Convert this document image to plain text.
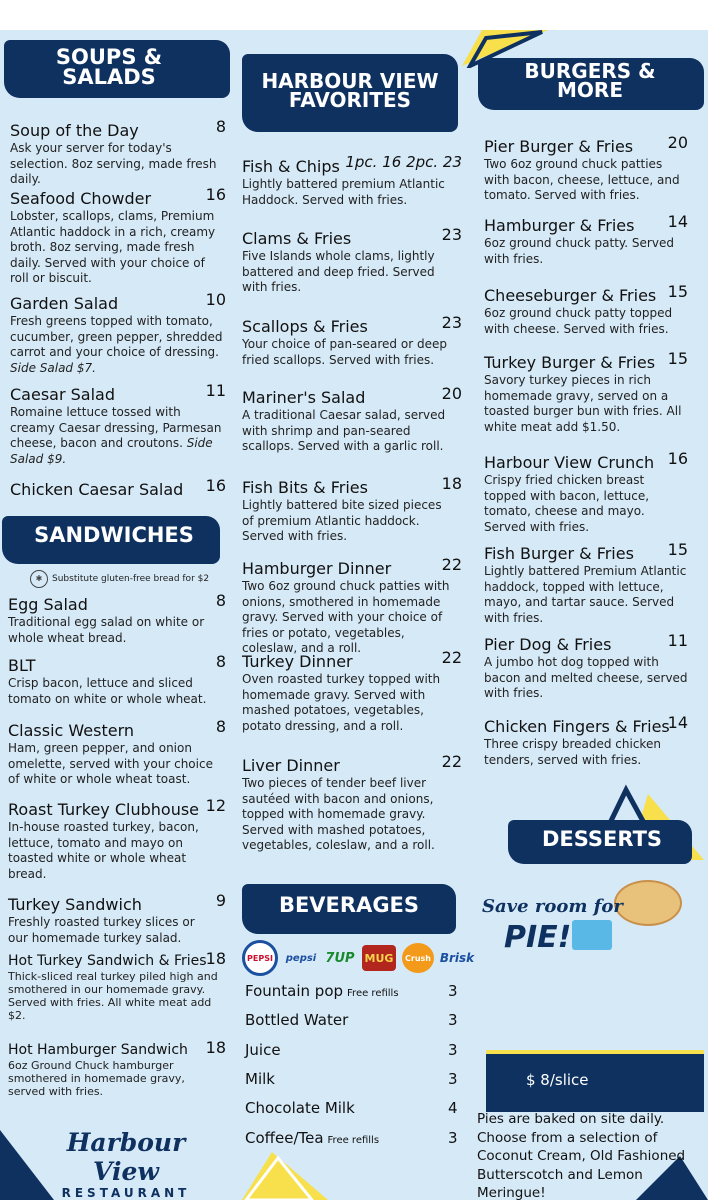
SOUPS & SALADS
Soup of the Day	8
Ask your server for today's selection. 8oz serving, made fresh daily.
Seafood Chowder	16
Lobster, scallops, clams, Premium Atlantic haddock in a rich, creamy broth. 8oz serving, made fresh daily. Served with your choice of roll or biscuit.
Garden Salad	10
Fresh greens topped with tomato, cucumber, green pepper, shredded carrot and your choice of dressing. Side Salad $7.
Caesar Salad	11
Romaine lettuce tossed with creamy Caesar dressing, Parmesan cheese, bacon and croutons. Side Salad $9.
Chicken Caesar Salad	16
SANDWICHES
✱	Substitute gluten-free bread for $2
Egg Salad	8
Traditional egg salad on white or whole wheat bread.
BLT	8
Crisp bacon, lettuce and sliced tomato on white or whole wheat.
Classic Western	8
Ham, green pepper, and onion omelette, served with your choice of white or whole wheat toast.
Roast Turkey Clubhouse 12
In-house roasted turkey, bacon, lettuce, tomato and mayo on toasted white or whole wheat bread.
Turkey Sandwich	9
Freshly roasted turkey slices or our homemade turkey salad.
Hot Turkey Sandwich & Fries 18
Thick-sliced real turkey piled high and smothered in our homemade gravy. Served with fries. All white meat add $2.
Hot Hamburger Sandwich	18
6oz Ground Chuck hamburger smothered in homemade gravy, served with fries.
Harbour View
RESTAURANT
HARBOUR VIEW FAVORITES
Fish & Chips 1pc. 16 2pc. 23
Lightly battered premium Atlantic Haddock. Served with fries.
Clams & Fries	23
Five Islands whole clams, lightly battered and deep fried. Served with fries.
Scallops & Fries	23
Your choice of pan-seared or deep fried scallops. Served with fries.
Mariner's Salad	20
A traditional Caesar salad, served with shrimp and pan-seared scallops. Served with a garlic roll.
Fish Bits & Fries	18
Lightly battered bite sized pieces of premium Atlantic haddock. Served with fries.
Hamburger Dinner	22
Two 6oz ground chuck patties with onions, smothered in homemade gravy. Served with your choice of fries or potato, vegetables, coleslaw, and a roll.
Turkey Dinner	22
Oven roasted turkey topped with homemade gravy. Served with mashed potatoes, vegetables, potato dressing, and a roll.
Liver Dinner	22
Two pieces of tender beef liver sautéed with bacon and onions, topped with homemade gravy. Served with mashed potatoes, vegetables, coleslaw, and a roll.
BEVERAGES
PEPSI	pepsi 7UP MUG	Crush Brisk
Fountain pop Free refills	3
Bottled Water	3
Juice	3
Milk	3
Chocolate Milk	4
Coffee/Tea Free refills	3
BURGERS & MORE
Pier Burger & Fries	20
Two 6oz ground chuck patties with bacon, cheese, lettuce, and tomato. Served with fries.
Hamburger & Fries	14
6oz ground chuck patty. Served with fries.
Cheeseburger & Fries 15
6oz ground chuck patty topped with cheese. Served with fries.
Turkey Burger & Fries 15
Savory turkey pieces in rich homemade gravy, served on a toasted burger bun with fries. All white meat add $1.50.
Harbour View Crunch 16
Crispy fried chicken breast topped with bacon, lettuce, tomato, cheese and mayo. Served with fries.
Fish Burger & Fries	15
Lightly battered Premium Atlantic haddock, topped with lettuce, mayo, and tartar sauce. Served with fries.
Pier Dog & Fries	11
A jumbo hot dog topped with bacon and melted cheese, served with fries.
Chicken Fingers & Fries
14
Three crispy breaded chicken tenders, served with fries.
DESSERTS
Save room for
PIE!
$ 8/slice
Pies are baked on site daily. Choose from a selection of Coconut Cream, Old Fashioned Butterscotch and Lemon Meringue!
